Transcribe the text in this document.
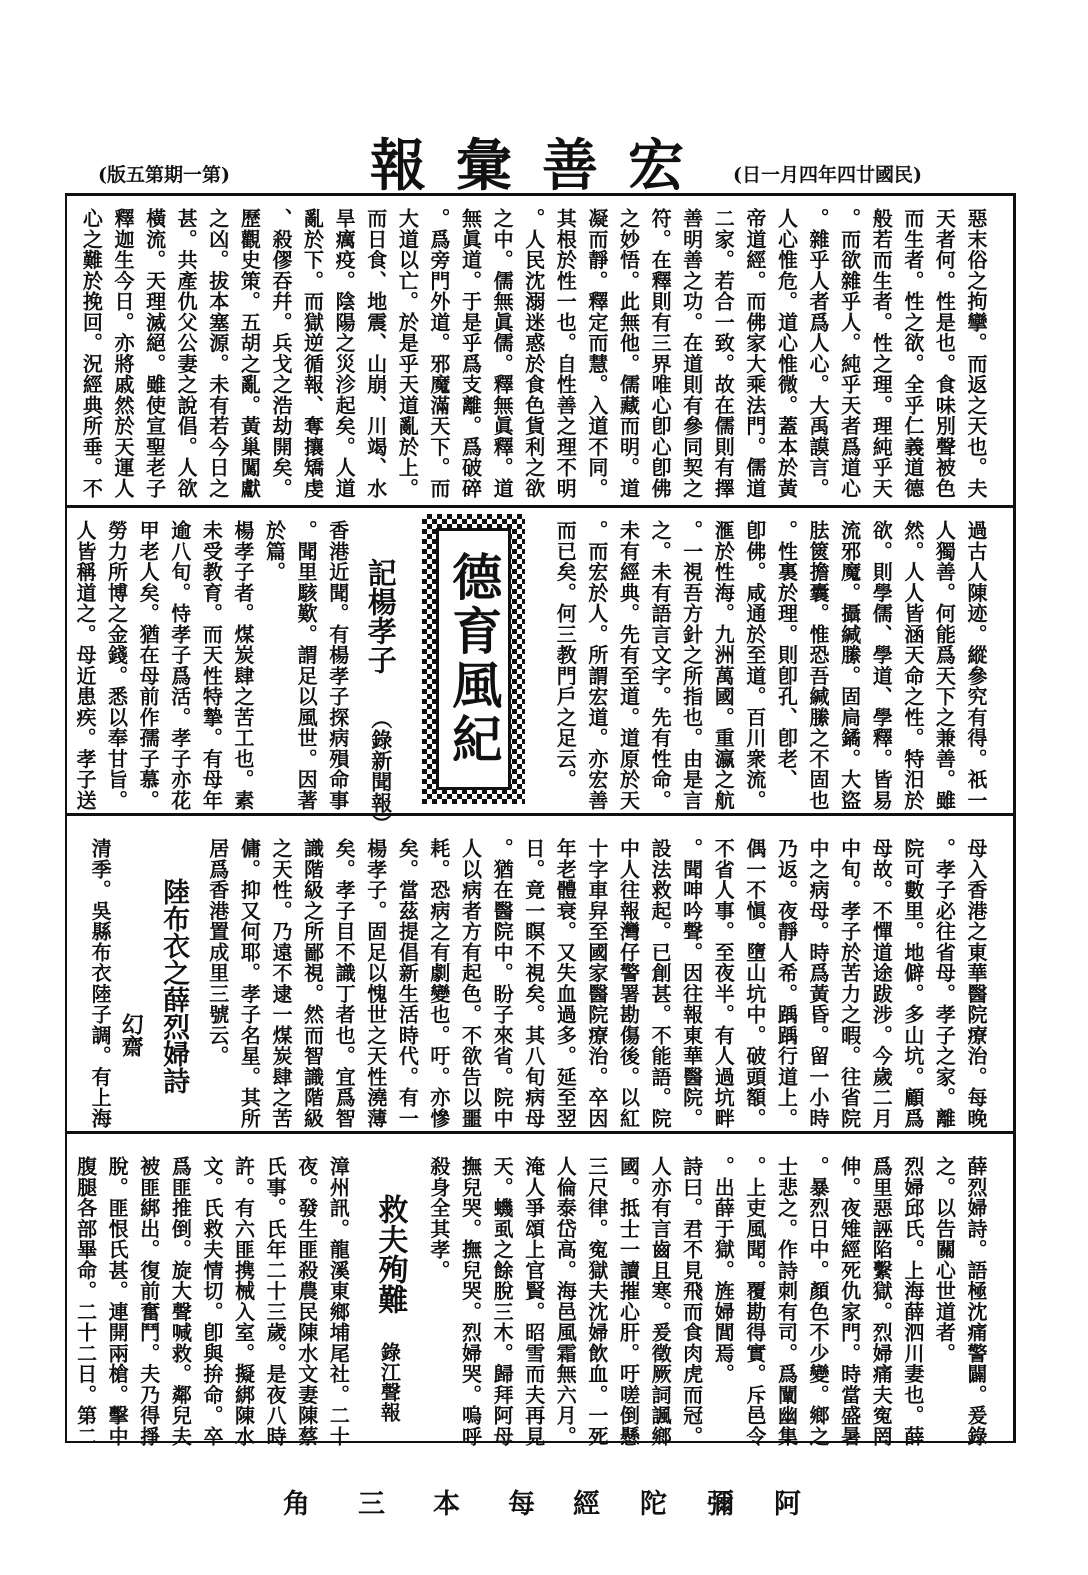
(第一期第五版) 宏善彙報 (民國廿四年四月一日)
惡末俗之拘攣。而返之天也。夫
天者何。性是也。食味別聲被色
而生者。性之欲。全乎仁義道德
般若而生者。性之理。理純乎天
。而欲雜乎人。純乎天者爲道心
。雜乎人者爲人心。大禹謨言。
人心惟危。道心惟微。蓋本於黃
帝道經。而佛家大乘法門。儒道
二家。若合一致。故在儒則有擇
善明善之功。在道則有參同契之
符。在釋則有三界唯心卽心卽佛
之妙悟。此無他。儒藏而明。道
凝而靜。釋定而慧。入道不同。
其根於性一也。自性善之理不明
。人民沈溺迷惑於食色貨利之欲
之中。儒無眞儒。釋無眞釋。道
無眞道。于是乎爲支離。爲破碎
。爲旁門外道。邪魔滿天下。而
大道以亡。於是乎天道亂於上。
而日食、地震、山崩、川竭、水
旱癘疫。陰陽之災沴起矣。人道
亂於下。而獄逆循報、奪攘矯虔
、殺僇吞幷。兵戈之浩劫開矣。
歷觀史策。五胡之亂。黃巢闖獻
之凶。拔本塞源。未有若今日之
甚。共產仇父公妻之說倡。人欲
橫流。天理滅絕。雖使宣聖老子
釋迦生今日。亦將戚然於天運人
心之難於挽回。況經典所垂。不
過古人陳迹。縱參究有得。祇一
人獨善。何能爲天下之兼善。雖
然。人人皆涵天命之性。特汨於
欲。則學儒、學道、學釋。皆易
流邪魔。攝緘縢。固扃鐍。大盜
胠篋擔囊。惟恐吾緘縢之不固也
。性裏於理。則卽孔、卽老、
卽佛。咸通於至道。百川衆流。
滙於性海。九洲萬國。重瀛之航
。一視吾方針之所指也。由是言
之。未有語言文字。先有性命。
未有經典。先有至道。道原於天
。而宏於人。所謂宏道。亦宏善
而已矣。何三教門戶之足云。
德育風紀
記楊孝子（錄新聞報）
香港近聞。有楊孝子探病殞命事
。聞里駭歎。謂足以風世。因著
於篇。
楊孝子者。煤炭肆之苦工也。素
未受教育。而天性特摯。有母年
逾八旬。恃孝子爲活。孝子亦花
甲老人矣。猶在母前作孺子慕。
勞力所博之金錢。悉以奉甘旨。
人皆稱道之。母近患疾。孝子送
母入香港之東華醫院療治。每晚
。孝子必往省母。孝子之家。離
院可數里。地僻。多山坑。顧爲
母故。不憚道途跋涉。今歲二月
中旬。孝子於苦力之暇。往省院
中之病母。時爲黃昏。留一小時
乃返。夜靜人希。踽踽行道上。
偶一不愼。墮山坑中。破頭額。
不省人事。至夜半。有人過坑畔
。聞呻吟聲。因往報東華醫院。
設法救起。已創甚。不能語。院
中人往報灣仔警署勘傷後。以紅
十字車舁至國家醫院療治。卒因
年老體衰。又失血過多。延至翌
日。竟一瞑不視矣。其八旬病母
。猶在醫院中。盼子來省。院中
人以病者方有起色。不欲告以噩
耗。恐病之有劇變也。吁。亦慘
矣。當茲提倡新生活時代。有一
楊孝子。固足以愧世之天性澆薄
矣。孝子目不識丁者也。宜爲智
識階級之所鄙視。然而智識階級
之天性。乃遠不逮一煤炭肆之苦
傭。抑又何耶。孝子名星。其所
居爲香港置成里三號云。
陸布衣之薛烈婦詩
幻齋
清季。吳縣布衣陸子調。有上海
薛烈婦詩。語極沈痛警闢。爰錄
之。以告關心世道者。
烈婦邱氏。上海薛泗川妻也。薛
爲里惡誣陷繫獄。烈婦痛夫寃罔
伸。夜雉經死仇家門。時當盛暑
。暴烈日中。顏色不少變。鄉之
士悲之。作詩刺有司。爲闡幽集
。上吏風聞。覆勘得實。斥邑令
。出薛于獄。旌婦閭焉。
詩曰。君不見飛而食肉虎而冠。
人亦有言齒且寒。爰徵厥詞諷鄉
國。抵士一讀摧心肝。吁嗟倒懸
三尺律。寃獄夫沈婦飲血。一死
人倫泰岱高。海邑風霜無六月。
淹人爭頌上官賢。昭雪而夫再見
天。蟣虱之餘脫三木。歸拜阿母
撫兒哭。撫兒哭。烈婦哭。嗚呼
殺身全其孝。
救夫殉難錄江聲報
漳州訊。龍溪東鄉埔尾社。二十
夜。發生匪殺農民陳水文妻陳蔡
氏事。氏年二十三歲。是夜八時
許。有六匪携械入室。擬綁陳水
文。氏救夫情切。卽與拚命。卒
爲匪推倒。旋大聲喊救。鄰兒夫
被匪綁出。復前奮鬥。夫乃得掙
脫。匪恨氏甚。連開兩槍。擊中
腹腿各部畢命。二十二日。第二
每本三角
阿彌陀經
